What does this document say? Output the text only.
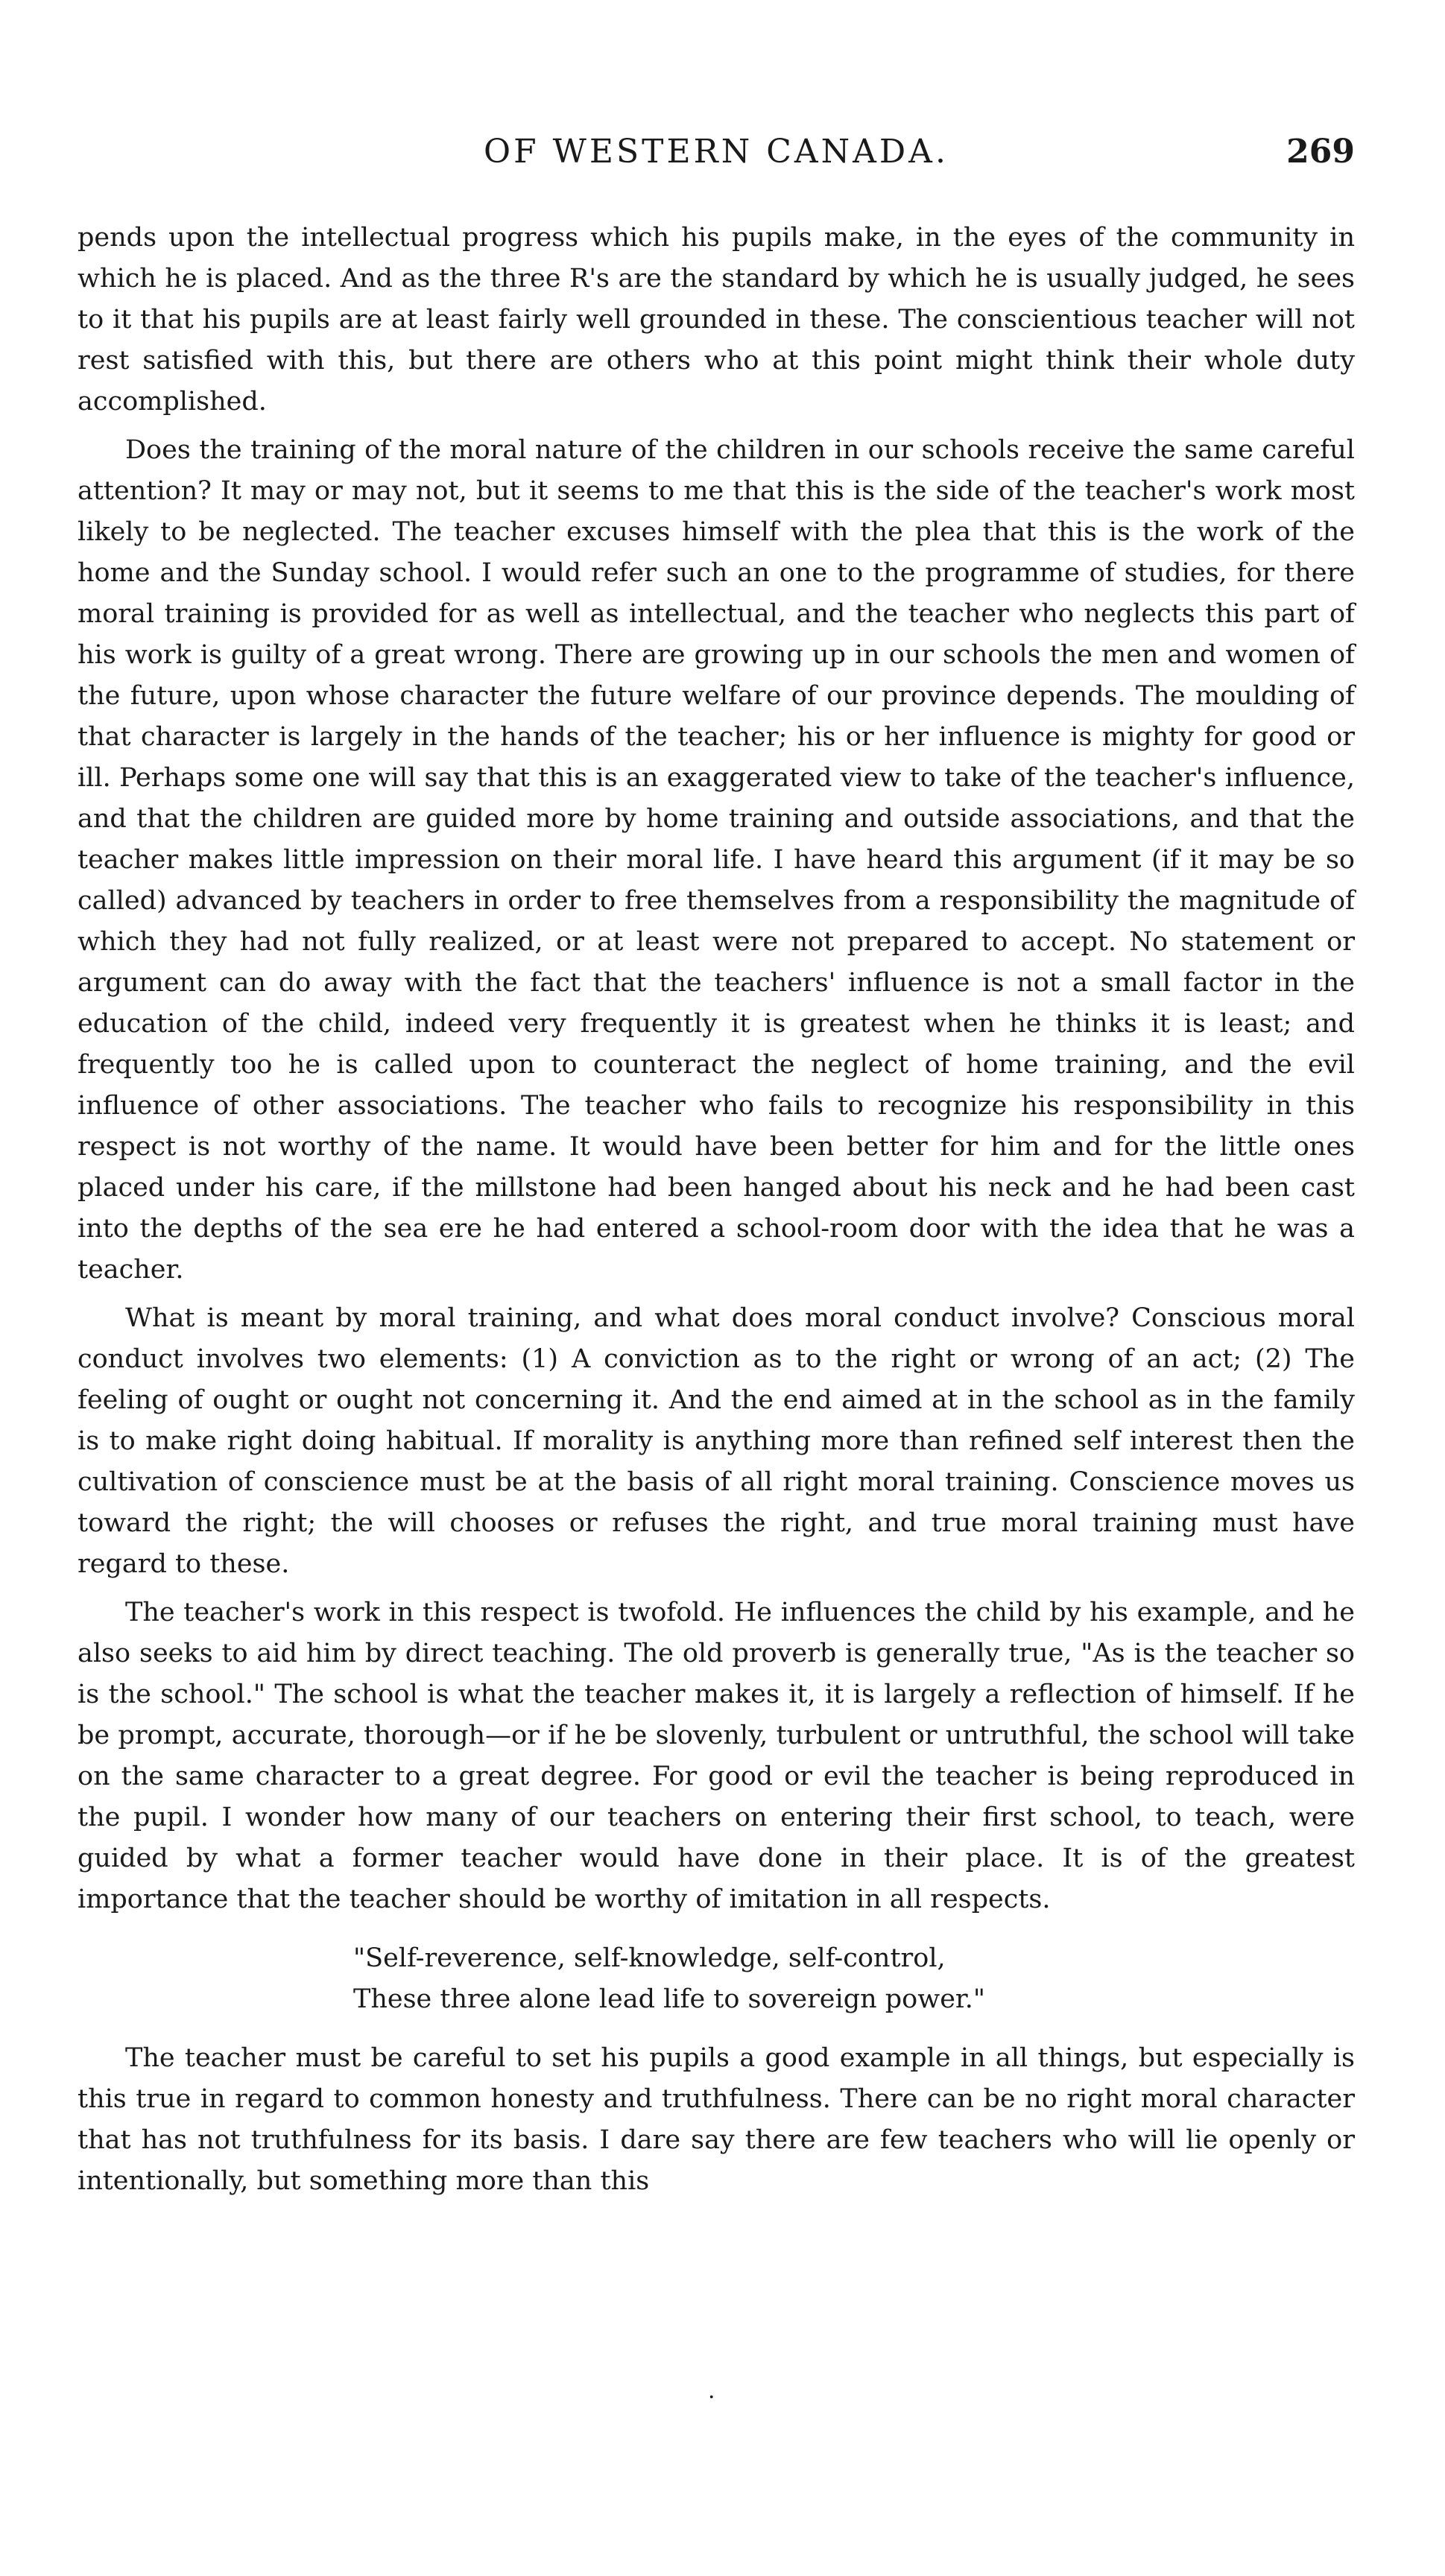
OF WESTERN CANADA.	269

pends upon the intellectual progress which his pupils make, in the eyes of the community in which he is placed. And as the three R's are the standard by which he is usually judged, he sees to it that his pupils are at least fairly well grounded in these. The conscientious teacher will not rest satisfied with this, but there are others who at this point might think their whole duty accomplished.

Does the training of the moral nature of the children in our schools receive the same careful attention? It may or may not, but it seems to me that this is the side of the teacher's work most likely to be neglected. The teacher excuses himself with the plea that this is the work of the home and the Sunday school. I would refer such an one to the programme of studies, for there moral training is provided for as well as intellectual, and the teacher who neglects this part of his work is guilty of a great wrong. There are growing up in our schools the men and women of the future, upon whose character the future welfare of our province depends. The moulding of that character is largely in the hands of the teacher; his or her influence is mighty for good or ill. Perhaps some one will say that this is an exaggerated view to take of the teacher's influence, and that the children are guided more by home training and outside associations, and that the teacher makes little impression on their moral life. I have heard this argument (if it may be so called) advanced by teachers in order to free themselves from a responsibility the magnitude of which they had not fully realized, or at least were not prepared to accept. No statement or argument can do away with the fact that the teachers' influence is not a small factor in the education of the child, indeed very frequently it is greatest when he thinks it is least; and frequently too he is called upon to counteract the neglect of home training, and the evil influence of other associations. The teacher who fails to recognize his responsibility in this respect is not worthy of the name. It would have been better for him and for the little ones placed under his care, if the millstone had been hanged about his neck and he had been cast into the depths of the sea ere he had entered a school-room door with the idea that he was a teacher.

What is meant by moral training, and what does moral conduct involve? Conscious moral conduct involves two elements: (1) A conviction as to the right or wrong of an act; (2) The feeling of ought or ought not concerning it. And the end aimed at in the school as in the family is to make right doing habitual. If morality is anything more than refined self interest then the cultivation of conscience must be at the basis of all right moral training. Conscience moves us toward the right; the will chooses or refuses the right, and true moral training must have regard to these.

The teacher's work in this respect is twofold. He influences the child by his example, and he also seeks to aid him by direct teaching. The old proverb is generally true, "As is the teacher so is the school." The school is what the teacher makes it, it is largely a reflection of himself. If he be prompt, accurate, thorough—or if he be slovenly, turbulent or untruthful, the school will take on the same character to a great degree. For good or evil the teacher is being reproduced in the pupil. I wonder how many of our teachers on entering their first school, to teach, were guided by what a former teacher would have done in their place. It is of the greatest importance that the teacher should be worthy of imitation in all respects.

"Self-reverence, self-knowledge, self-control,
These three alone lead life to sovereign power."

The teacher must be careful to set his pupils a good example in all things, but especially is this true in regard to common honesty and truthfulness. There can be no right moral character that has not truthfulness for its basis. I dare say there are few teachers who will lie openly or intentionally, but something more than this

·
